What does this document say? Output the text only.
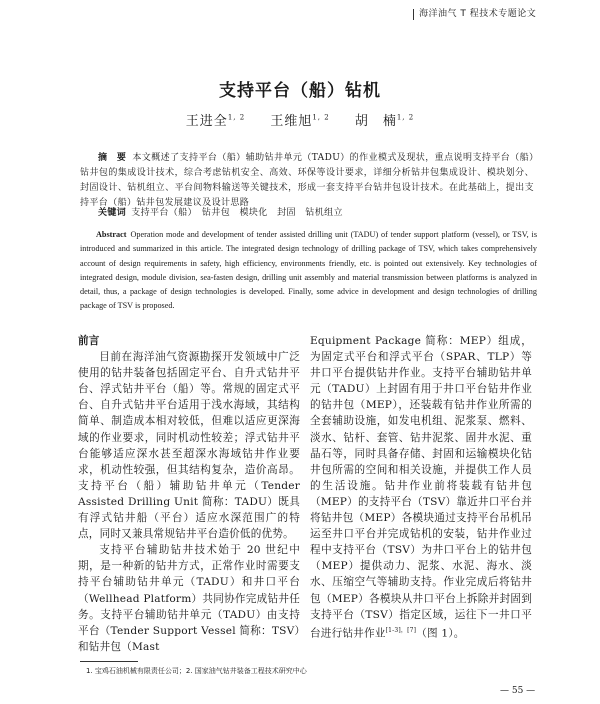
海洋油气 T 程技术专题论文
支持平台（船）钻机
王进全$^{1, 2}$ 王维旭$^{1, 2}$ 胡　楠$^{1, 2}$
摘　要 本文概述了支持平台（船）辅助钻井单元（TADU）的作业模式及现状，重点说明支持平台（船）钻井包的集成设计技术，综合考虑钻机安全、高效、环保等设计要求，详细分析钻井包集成设计、模块划分、封固设计、钻机组立、平台间物料输送等关键技术，形成一套支持平台钻井包设计技术。在此基础上，提出支持平台（船）钻井包发展建议及设计思路
关键词 支持平台（船）　钻井包　模块化　封固　钻机组立
Abstract Operation mode and development of tender assisted drilling unit (TADU) of tender support platform (vessel), or TSV, is introduced and summarized in this article. The integrated design technology of drilling package of TSV, which takes comprehensively account of design requirements in safety, high efficiency, environments friendly, etc. is pointed out extensively. Key technologies of integrated design, module division, sea-fasten design, drilling unit assembly and material transmission between platforms is analyzed in detail, thus, a package of design technologies is developed. Finally, some advice in development and design technologies of drilling package of TSV is proposed.

前言

目前在海洋油气资源勘探开发领域中广泛使用的钻井装备包括固定平台、自升式钻井平台、浮式钻井平台（船）等。常规的固定式平台、自升式钻井平台适用于浅水海域，其结构简单、制造成本相对较低，但难以适应更深海域的作业要求，同时机动性较差；浮式钻井平台能够适应深水甚至超深水海域钻井作业要求，机动性较强，但其结构复杂，造价高昂。支持平台（船）辅助钻井单元（Tender Assisted Drilling Unit 简称：TADU）既具有浮式钻井船（平台）适应水深范围广的特点，同时又兼具常规钻井平台造价低的优势。

支持平台辅助钻井技术始于 20 世纪中期，是一种新的钻井方式，正常作业时需要支持平台辅助钻井单元（TADU）和井口平台（Wellhead Platform）共同协作完成钻井任务。支持平台辅助钻井单元（TADU）由支持平台（Tender Support Vessel 简称：TSV）和钻井包（Mast

Equipment Package 简称：MEP）组成，为固定式平台和浮式平台（SPAR、TLP）等井口平台提供钻井作业。支持平台辅助钻井单元（TADU）上封固有用于井口平台钻井作业的钻井包（MEP），还装载有钻井作业所需的全套辅助设施，如发电机组、泥浆泵、燃料、淡水、钻杆、套管、钻井泥浆、固井水泥、重晶石等，同时具备存储、封固和运输模块化钻井包所需的空间和相关设施，并提供工作人员的生活设施。钻井作业前将装载有钻井包（MEP）的支持平台（TSV）靠近井口平台并将钻井包（MEP）各模块通过支持平台吊机吊运至井口平台并完成钻机的安装，钻井作业过程中支持平台（TSV）为井口平台上的钻井包（MEP）提供动力、泥浆、水泥、海水、淡水、压缩空气等辅助支持。作业完成后将钻井包（MEP）各模块从井口平台上拆除并封固到支持平台（TSV）指定区域，运往下一井口平台进行钻井作业[1-3]，[7]（图 1）。

1. 宝鸡石油机械有限责任公司；2. 国家油气钻井装备工程技术研究中心
— 55 —
